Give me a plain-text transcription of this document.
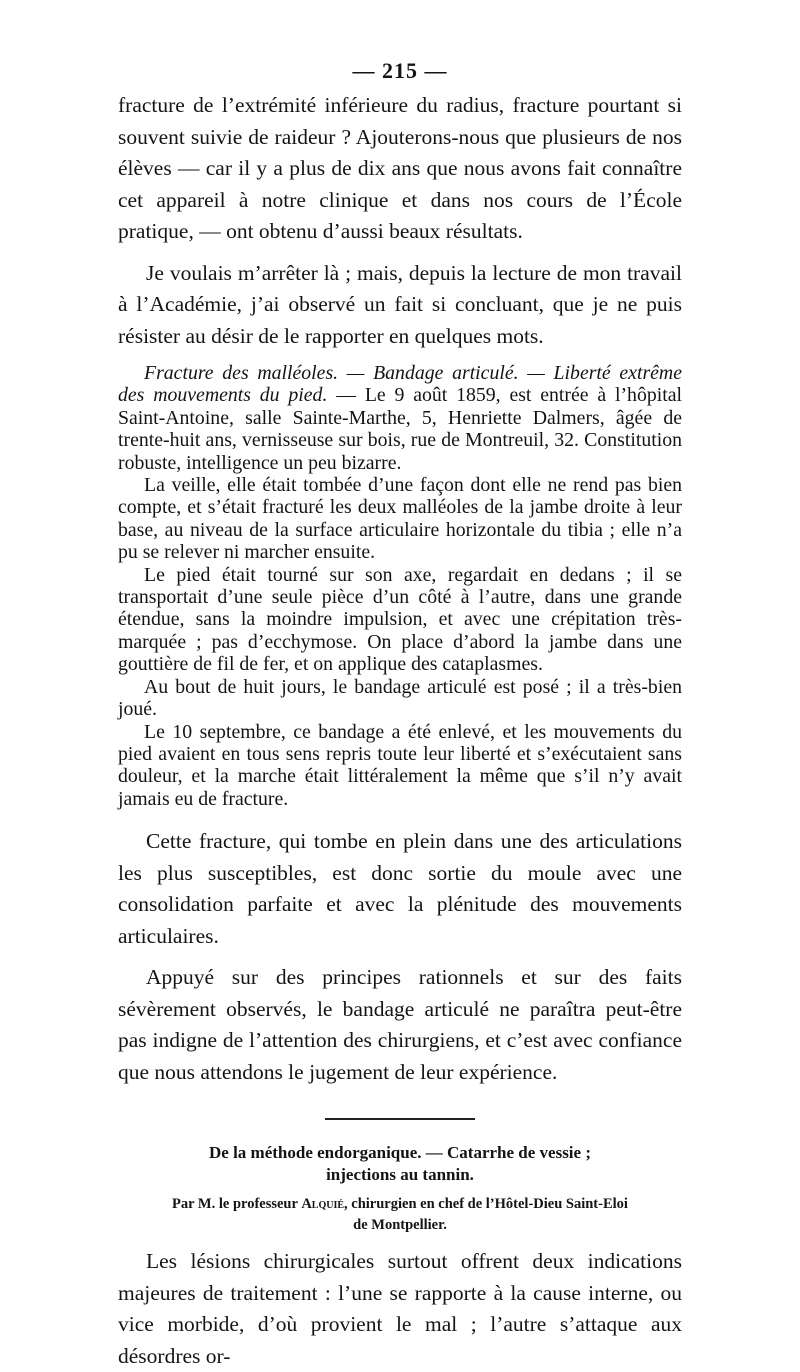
— 215 —

fracture de l’extrémité inférieure du radius, fracture pourtant si souvent suivie de raideur ? Ajouterons-nous que plusieurs de nos élèves — car il y a plus de dix ans que nous avons fait connaître cet appareil à notre clinique et dans nos cours de l’École pratique, — ont obtenu d’aussi beaux résultats.

Je voulais m’arrêter là ; mais, depuis la lecture de mon travail à l’Académie, j’ai observé un fait si concluant, que je ne puis résister au désir de le rapporter en quelques mots.

Fracture des malléoles. — Bandage articulé. — Liberté extrême des mouvements du pied. — Le 9 août 1859, est entrée à l’hôpital Saint-Antoine, salle Sainte-Marthe, 5, Henriette Dalmers, âgée de trente-huit ans, vernisseuse sur bois, rue de Montreuil, 32. Constitution robuste, intelligence un peu bizarre.

La veille, elle était tombée d’une façon dont elle ne rend pas bien compte, et s’était fracturé les deux malléoles de la jambe droite à leur base, au niveau de la surface articulaire horizontale du tibia ; elle n’a pu se relever ni marcher ensuite.

Le pied était tourné sur son axe, regardait en dedans ; il se transportait d’une seule pièce d’un côté à l’autre, dans une grande étendue, sans la moindre impulsion, et avec une crépitation très-marquée ; pas d’ecchymose. On place d’abord la jambe dans une gouttière de fil de fer, et on applique des cataplasmes.

Au bout de huit jours, le bandage articulé est posé ; il a très-bien joué.

Le 10 septembre, ce bandage a été enlevé, et les mouvements du pied avaient en tous sens repris toute leur liberté et s’exécutaient sans douleur, et la marche était littéralement la même que s’il n’y avait jamais eu de fracture.

Cette fracture, qui tombe en plein dans une des articulations les plus susceptibles, est donc sortie du moule avec une consolidation parfaite et avec la plénitude des mouvements articulaires.

Appuyé sur des principes rationnels et sur des faits sévèrement observés, le bandage articulé ne paraîtra peut-être pas indigne de l’attention des chirurgiens, et c’est avec confiance que nous attendons le jugement de leur expérience.

De la méthode endorganique. — Catarrhe de vessie ;
injections au tannin.

Par M. le professeur Alquié, chirurgien en chef de l’Hôtel-Dieu Saint-Eloi
de Montpellier.

Les lésions chirurgicales surtout offrent deux indications majeures de traitement : l’une se rapporte à la cause interne, ou vice morbide, d’où provient le mal ; l’autre s’attaque aux désordres or-
